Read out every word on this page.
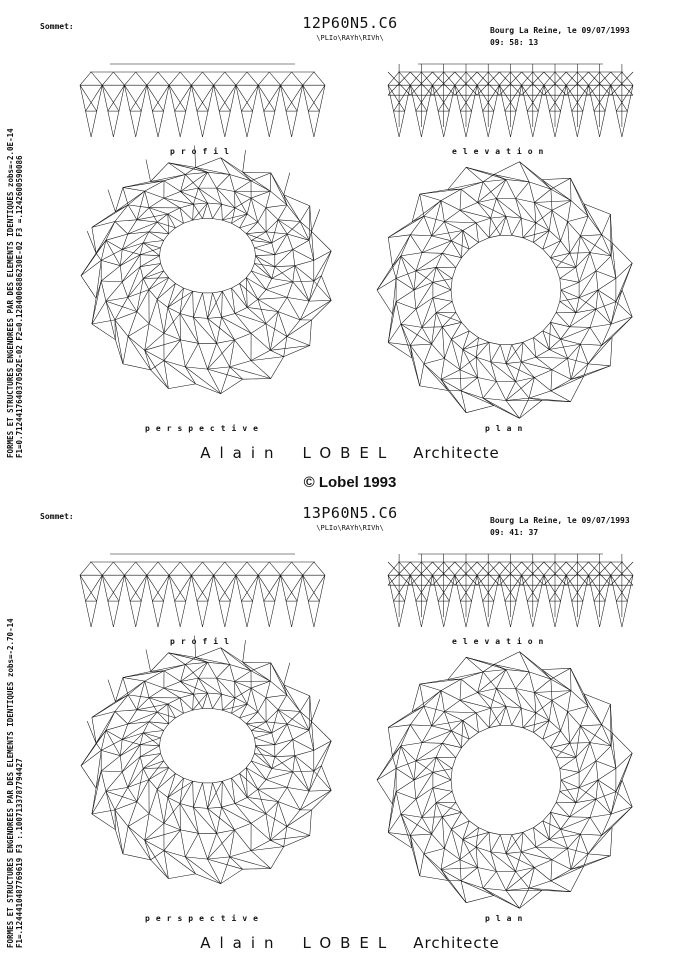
Sommet:	12P60N5.C6
\PLIo\RAYh\RIVh\
Bourg La Reine, le 09/07/1993
09: 58: 13
FORMES ET STRUCTURES ENGENDREES PAR DES ELEMENTS IDENTIQUES zobs=-2.0E-14 F1=0.7124417640370502E-02 F2=0.1284006886230E-02 F3 =.1242600590086
profil	elevation
perspective	plan
Alain LOBEL Architecte
© Lobel 1993
Sommet:	13P60N5.C6
\PLIo\RAYh\RIVh\
Bourg La Reine, le 09/07/1993
09: 41: 37
FORMES ET STRUCTURES ENGENDREES PAR DES ELEMENTS IDENTIQUES zobs=-2.70-14 F1=.1244410487769619 F3 :.1007133787794427
profil	elevation
perspective	plan
Alain LOBEL Architecte
